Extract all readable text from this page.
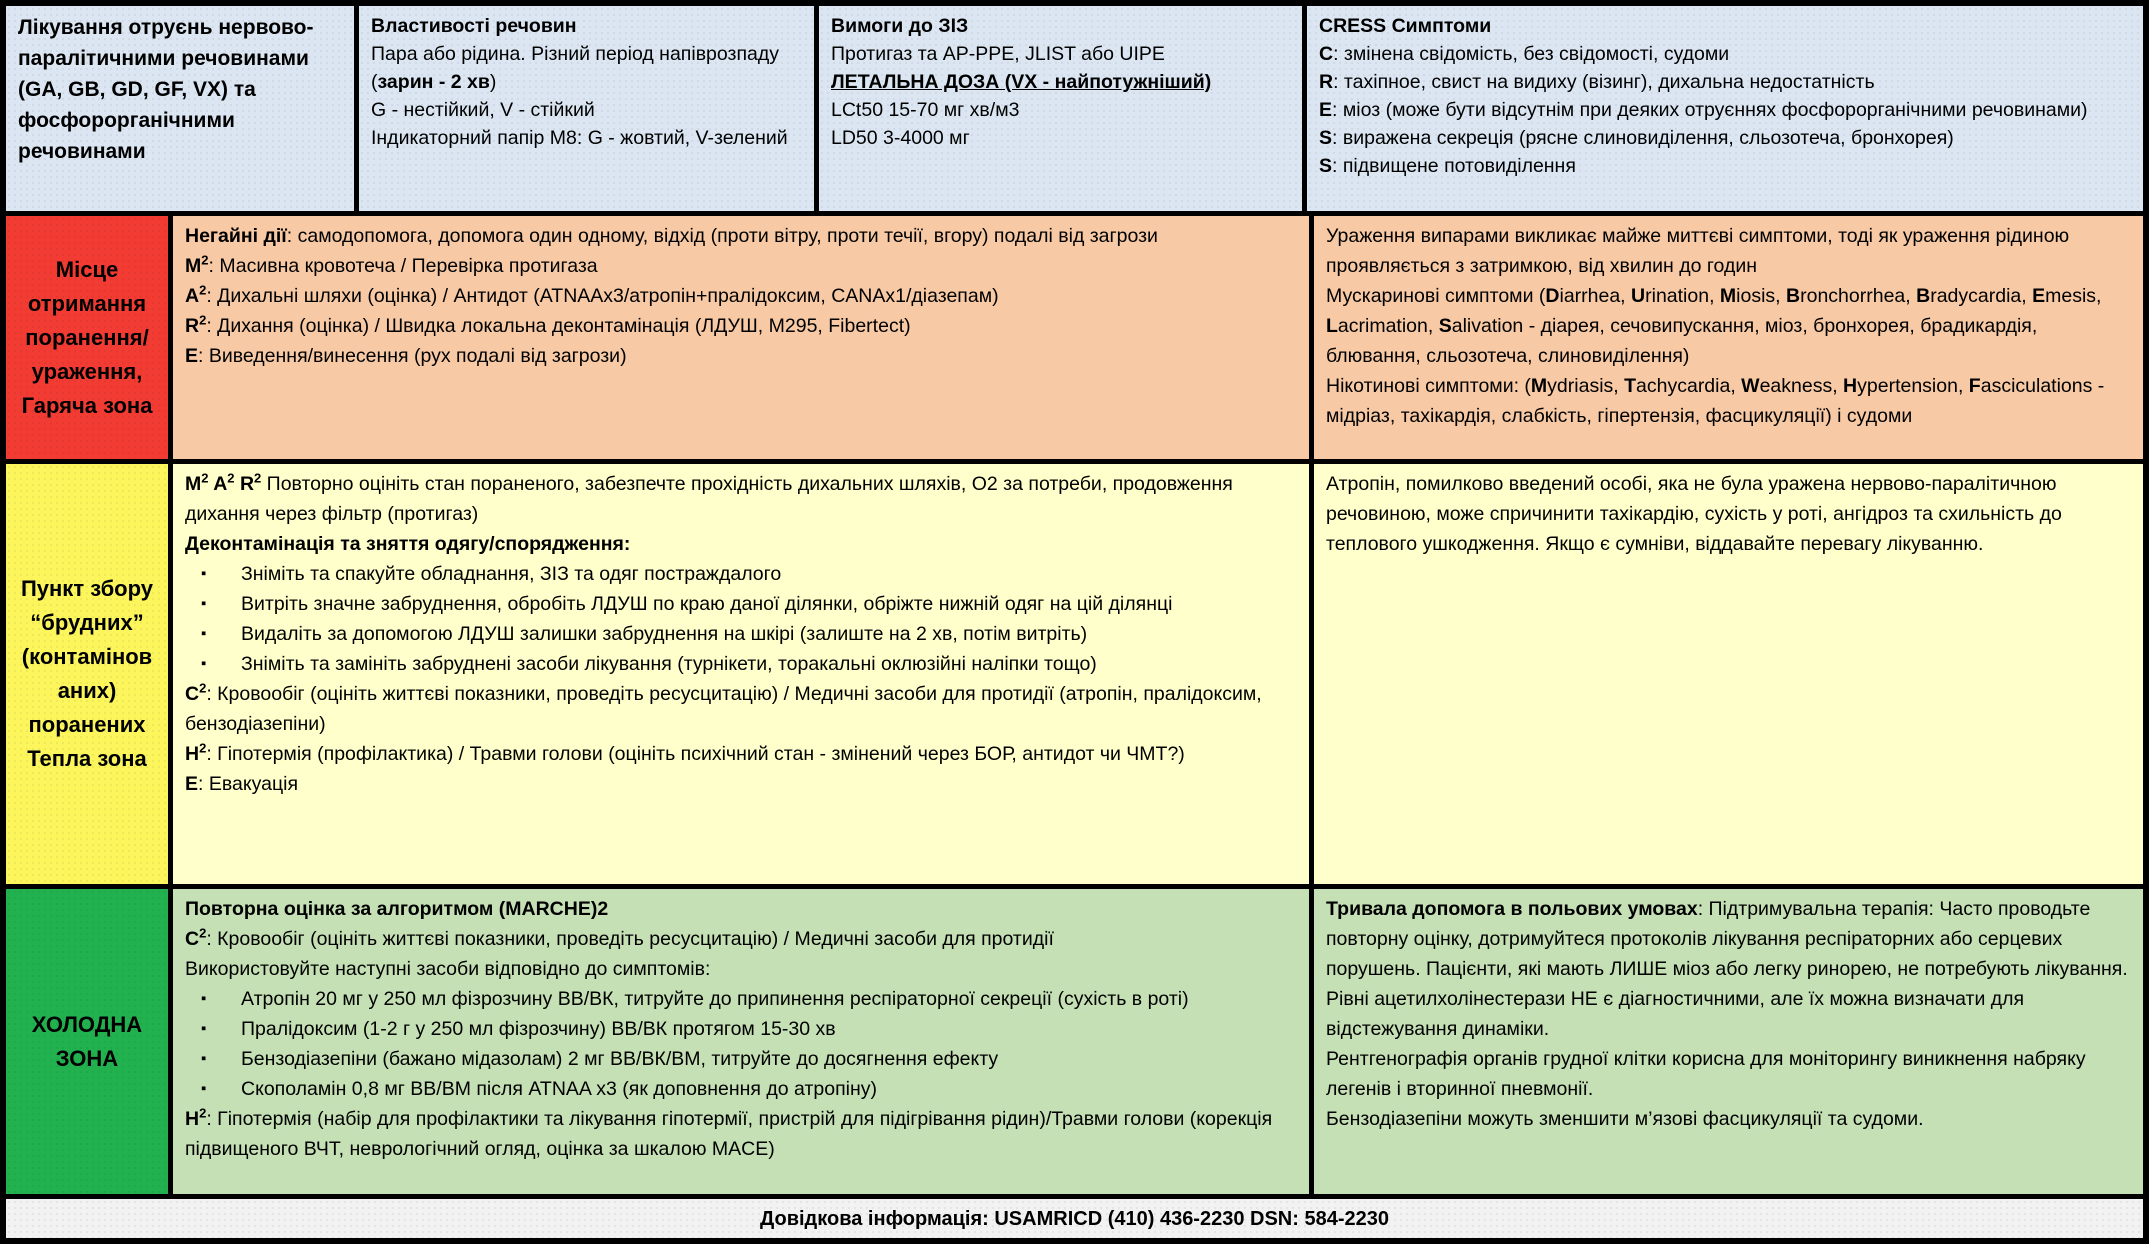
Лікування отруєнь нервово-паралітичними речовинами (GA, GB, GD, GF, VX) та фосфорорганічними речовинами
Властивості речовин
Пара або рідина. Різний період напіврозпаду (зарин - 2 хв)
G - нестійкий, V - стійкий
Індикаторний папір M8: G - жовтий, V-зелений
Вимоги до ЗІЗ
Протигаз та AP-PPE, JLIST або UIPE
ЛЕТАЛЬНА ДОЗА (VX - найпотужніший)
LCt50 15-70 мг хв/м3
LD50 3-4000 мг
CRESS Симптоми
C: змінена свідомість, без свідомості, судоми
R: тахіпное, свист на видиху (візинг), дихальна недостатність
E: міоз (може бути відсутнім при деяких отруєннях фосфорорганічними речовинами)
S: виражена секреція (рясне слиновиділення, сльозотеча, бронхорея)
S: підвищене потовиділення
Місце
отримання
поранення/
ураження,
Гаряча зона
Негайні дії: самодопомога, допомога один одному, відхід (проти вітру, проти течії, вгору) подалі від загрози
$M^2$: Масивна кровотеча / Перевірка протигаза
$A^2$: Дихальні шляхи (оцінка) / Антидот (ATNAAx3/атропін+пралідоксим, CANAx1/діазепам)
$R^2$: Дихання (оцінка) / Швидка локальна деконтамінація (ЛДУШ, M295, Fibertect)
E: Виведення/винесення (рух подалі від загрози)
Ураження випарами викликає майже миттєві симптоми, тоді як ураження рідиною проявляється з затримкою, від хвилин до годин
Мускаринові симптоми (Diarrhea, Urination, Miosis, Bronchorrhea, Bradycardia, Emesis, Lacrimation, Salivation - діарея, сечовипускання, міоз, бронхорея, брадикардія, блювання, сльозотеча, слиновиділення)
Нікотинові симптоми: (Mydriasis, Tachycardia, Weakness, Hypertension, Fasciculations - мідріаз, тахікардія, слабкість, гіпертензія, фасцикуляції) і судоми
Пункт збору
“брудних”
(контамінов
аних)
поранених
Тепла зона
$M^2$ $A^2$ $R^2$ Повторно оцініть стан пораненого, забезпечте прохідність дихальних шляхів, O2 за потреби, продовження дихання через фільтр (протигаз)
Деконтамінація та зняття одягу/спорядження:
▪ Зніміть та спакуйте обладнання, ЗІЗ та одяг постраждалого
▪ Витріть значне забруднення, обробіть ЛДУШ по краю даної ділянки, обріжте нижній одяг на цій ділянці
▪ Видаліть за допомогою ЛДУШ залишки забруднення на шкірі (залиште на 2 хв, потім витріть)
▪ Зніміть та замініть забруднені засоби лікування (турнікети, торакальні оклюзійні наліпки тощо)
$C^2$: Кровообіг (оцініть життєві показники, проведіть ресусцитацію) / Медичні засоби для протидії (атропін, пралідоксим, бензодіазепіни)
$H^2$: Гіпотермія (профілактика) / Травми голови (оцініть психічний стан - змінений через БОР, антидот чи ЧМТ?)
E: Евакуація
Атропін, помилково введений особі, яка не була уражена нервово-паралітичною речовиною, може спричинити тахікардію, сухість у роті, ангідроз та схильність до теплового ушкодження. Якщо є сумніви, віддавайте перевагу лікуванню.
ХОЛОДНА
ЗОНА
Повторна оцінка за алгоритмом (MARCHE)2
$C^2$: Кровообіг (оцініть життєві показники, проведіть ресусцитацію) / Медичні засоби для протидії
Використовуйте наступні засоби відповідно до симптомів:
▪ Атропін 20 мг у 250 мл фізрозчину ВВ/ВК, титруйте до припинення респіраторної секреції (сухість в роті)
▪ Пралідоксим (1-2 г у 250 мл фізрозчину) ВВ/ВК протягом 15-30 хв
▪ Бензодіазепіни (бажано мідазолам) 2 мг ВВ/ВК/ВМ, титруйте до досягнення ефекту
▪ Скополамін 0,8 мг ВВ/ВМ після ATNAA x3 (як доповнення до атропіну)
$H^2$: Гіпотермія (набір для профілактики та лікування гіпотермії, пристрій для підігрівання рідин)/Травми голови (корекція підвищеного ВЧТ, неврологічний огляд, оцінка за шкалою MACE)
Тривала допомога в польових умовах: Підтримувальна терапія: Часто проводьте повторну оцінку, дотримуйтеся протоколів лікування респіраторних або серцевих порушень. Пацієнти, які мають ЛИШЕ міоз або легку ринорею, не потребують лікування.
Рівні ацетилхолінестерази НЕ є діагностичними, але їх можна визначати для відстежування динаміки.
Рентгенографія органів грудної клітки корисна для моніторингу виникнення набряку легенів і вторинної пневмонії.
Бензодіазепіни можуть зменшити м’язові фасцикуляції та судоми.
Довідкова інформація: USAMRICD (410) 436-2230 DSN: 584-2230
